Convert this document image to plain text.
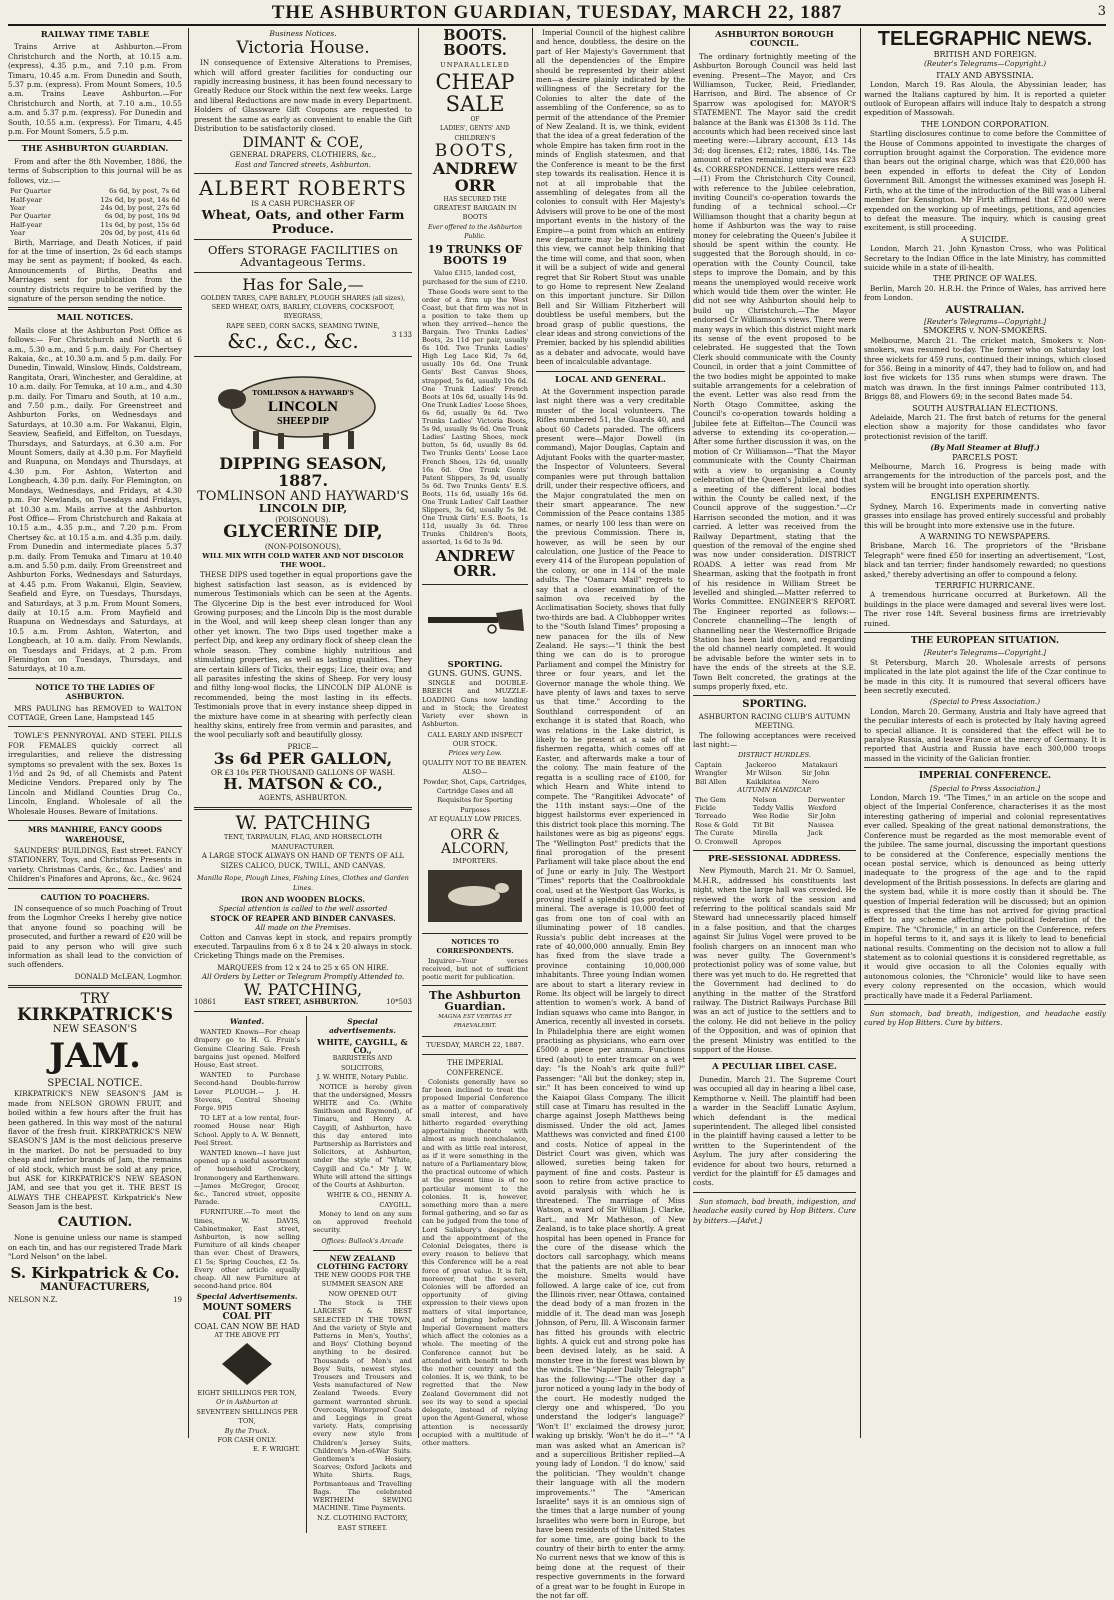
THE ASHBURTON GUARDIAN, TUESDAY, MARCH 22, 1887	3
RAILWAY TIME TABLE

Trains Arrive at Ashburton.—From Christchurch and the North, at 10.15 a.m. (express), 4.35 p.m., and 7.10 p.m. From Timaru, 10.45 a.m. From Dunedin and South, 5.37 p.m. (express). From Mount Somers, 10.5 a.m. Trains Leave Ashburton.—For Christchurch and North, at 7.10 a.m., 10.55 a.m. and 5.37 p.m. (express). For Dunedin and South, 10.55 a.m. (express). For Timaru, 4.45 p.m. For Mount Somers, 5.5 p.m.

THE ASHBURTON GUARDIAN.

From and after the 8th November, 1886, the terms of Subscription to this journal will be as follows, viz.:—

Per Quarter	6s 6d, by post, 7s 6d
Half-year	12s 6d, by post, 14s 6d
Year	24s 0d, by post, 27s 6d
Per Quarter	6s 0d, by post, 10s 9d
Half-year	11s 6d, by post, 15s 6d
Year	20s 0d, by post, 41s 6d

Birth, Marriage, and Death Notices, if paid for at the time of insertion, 2s 6d each stamps may be sent as payment; if booked, 4s each. Announcements of Births, Deaths and Marriages sent for publication from the country districts require to be verified by the signature of the person sending the notice.

MAIL NOTICES.

Mails close at the Ashburton Post Office as follows:— For Christchurch and North at 6 a.m., 5.30 a.m., and 5 p.m. daily. For Chertsey Rakaia, &c., at 10.30 a.m. and 5 p.m. daily. For Dunedin, Tinwald, Winslow, Hinds, Coldstream, Rangitata, Orari, Winchester, and Geraldine, at 10 a.m. daily. For Temuka, at 10 a.m., and 4.30 p.m. daily. For Timaru and South, at 10 a.m., and 7.50 p.m., daily. For Greenstreet and Ashburton Forks, on Wednesdays and Saturdays, at 10.30 a.m. For Wakanui, Elgin, Seaview, Seafield, and Eiffelton, on Tuesdays, Thursdays, and Saturdays, at 6.30 a.m. For Mount Somers, daily at 4.30 p.m. For Mayfield and Ruapuna, on Mondays and Thursdays, at 4.30 p.m. For Ashton, Waterton and Longbeach, 4.30 p.m. daily. For Flemington, on Mondays, Wednesdays, and Fridays, at 4.30 p.m. For Newlands, on Tuesdays and Fridays, at 10.30 a.m. Mails arrive at the Ashburton Post Office— From Christchurch and Rakaia at 10.15 a.m., 4.35 p.m., and 7.20 p.m. From Chertsey &c. at 10.15 a.m. and 4.35 p.m. daily. From Dunedin and intermediate places 5.37 p.m. daily. From Temuka and Timaru at 10.40 a.m. and 5.50 p.m. daily. From Greenstreet and Ashburton Forks, Wednesdays and Saturdays, at 4.45 p.m. From Wakanui, Elgin, Seaview, Seafield and Eyre, on Tuesdays, Thursdays, and Saturdays, at 3 p.m. From Mount Somers, daily at 10.15 a.m. From Mayfield and Ruapuna on Wednesdays and Saturdays, at 10.5 a.m. From Ashton, Waterton, and Longbeach, at 10 a.m. daily. From Newlands, on Tuesdays and Fridays, at 2 p.m. From Flemington on Tuesdays, Thursdays, and Saturdays, at 10 a.m.

NOTICE TO THE LADIES OF ASHBURTON.

MRS PAULING has REMOVED to WALTON COTTAGE, Green Lane, Hampstead 145

TOWLE'S PENNYROYAL AND STEEL PILLS FOR FEMALES quickly correct all irregularities, and relieve the distressing symptoms so prevalent with the sex. Boxes 1s 1½d and 2s 9d, of all Chemists and Patent Medicine Vendors. Prepared only by The Lincoln and Midland Counties Drug Co., Lincoln, England. Wholesale of all the Wholesale Houses. Beware of Imitations.

MRS MANHIRE, FANCY GOODS WAREHOUSE,

SAUNDERS' BUILDINGS, East street. FANCY STATIONERY, Toys, and Christmas Presents in variety. Christmas Cards, &c., &c. Ladies' and Children's Pinafores and Aprons, &c., &c. 9624

CAUTION TO POACHERS.

IN consequence of so much Poaching of Trout from the Logmhor Creeks I hereby give notice that anyone found so poaching will be prosecuted, and further a reward of £20 will be paid to any person who will give such information as shall lead to the conviction of such offenders.

DONALD McLEAN, Logmhor.
TRY
KIRKPATRICK'S
NEW SEASON'S
JAM.
SPECIAL NOTICE.

KIRKPATRICK'S NEW SEASON'S JAM is made from NELSON GROWN FRUIT, and boiled within a few hours after the fruit has been gathered. In this way most of the natural flavor of the fresh fruit. KIRKPATRICK'S NEW SEASON'S JAM is the most delicious preserve in the market. Do not be persuaded to buy cheap and inferior brands of Jam, the remains of old stock, which must be sold at any price, but ASK for KIRKPATRICK'S NEW SEASON JAM, and see that you get it. THE BEST IS ALWAYS THE CHEAPEST. Kirkpatrick's New Season Jam is the best.

CAUTION.

None is genuine unless our name is stamped on each tin, and has our registered Trade Mark "Lord Nelson" on the label.

S. Kirkpatrick & Co.
MANUFACTURERS,
NELSON N.Z.	19
Business Notices.
Victoria House.

IN consequence of Extensive Alterations to Premises, which will afford greater facilities for conducting our rapidly increasing business, it has been found necessary to Greatly Reduce our Stock within the next few weeks. Large and liberal Reductions are now made in every Department. Holders of Glassware Gift Coupons are requested to present the same as early as convenient to enable the Gift Distribution to be satisfactorily closed.

DIMANT & COE,
GENERAL DRAPERS, CLOTHIERS, &c.,
East and Tancred streets, Ashburton.
ALBERT ROBERTS
IS A CASH PURCHASER OF
Wheat, Oats, and other Farm Produce.
Offers STORAGE FACILITIES on Advantageous Terms.
Has for Sale,—
GOLDEN TARES, CAPE BARLEY, PLOUGH SHARES (all sizes),
SEED WHEAT, OATS, BARLEY, CLOVERS, COCKSFOOT, RYEGRASS,
RAPE SEED, CORN SACKS, SEAMING TWINE,
&c., &c., &c.	3 133
TOMLINSON & HAYWARD'S
LINCOLN
SHEEP DIP
DIPPING SEASON, 1887.
TOMLINSON AND HAYWARD'S
LINCOLN DIP,
(POISONOUS).
GLYCERINE DIP,
(NON-POISONOUS),
WILL MIX WITH COLD WATER AND NOT DISCOLOR THE WOOL.

THESE DIPS used together in equal proportions gave the highest satisfaction last season, as is evidenced by numerous Testimonials which can be seen at the Agents. The Glycerine Dip is the best ever introduced for Wool Growing purposes; and the Lincoln Dip is the most durable in the Wool, and will keep sheep clean longer than any other yet known. The two Dips used together make a perfect Dip, and keep any ordinary flock of sheep clean the whole season. They combine highly nutritious and stimulating properties, as well as lasting qualities. They are certain killers of Ticks, their eggs; Lice, their ova; and all parasites infesting the skins of Sheep. For very lousy and filthy long-wool flocks, the LINCOLN DIP ALONE is recommended, being the most lasting in its effects. Testimonials prove that in every instance sheep dipped in the mixture have come in at shearing with perfectly clean healthy skins, entirely free from vermin and parasites, and the wool peculiarly soft and beautifully glossy.

PRICE—
3s 6d PER GALLON,
OR £3 10s PER THOUSAND GALLONS OF WASH.
H. MATSON & CO.,
AGENTS, ASHBURTON.
W. PATCHING
TENT, TARPAULIN, FLAG, AND HORSECLOTH MANUFACTURER.
A LARGE STOCK ALWAYS ON HAND OF TENTS OF ALL SIZES CALICO, DUCK, TWILL, AND CANVAS.
Manilla Rope, Plough Lines, Fishing Lines, Clothes and Garden Lines.
IRON AND WOODEN BLOCKS.
Special attention is called to the well assorted
STOCK OF REAPER AND BINDER CANVASES.
All made on the Premises.

Cotton and Canvas kept in stock, and repairs promptly executed. Tarpaulins from 6 x 8 to 24 x 20 always in stock. Cricketing Things made on the Premises.

MARQUEES from 12 x 24 to 25 x 65 ON HIRE.
All Orders by Letter or Telegram Promptly Attended to.
W. PATCHING,
10861	EAST STREET, ASHBURTON.	10*503
Wanted.

WANTED Known—For cheap drapery go to H. G. Fruin's Genuine Clearing Sale. Fresh bargains just opened. Melford House, East street.

WANTED to Purchase Second-hand Double-furrow Lever PLOUGH.— J. H. Stevens, Central Shoeing Forge. 9Pl5

TO LET at a low rental, four-roomed House near High School. Apply to A. W. Bennett, Peel Street.

WANTED known—I have just opened up a useful assortment of household Crockery, Ironmongery and Earthenware.—James McGregor, Grocer, &c., Tancred street, opposite Parade.

FURNITURE.—To meet the times, W. DAVIS, Cabinetmaker, East street, Ashburton, is now selling Furniture of all kinds cheaper than ever. Chest of Drawers, £1 5s; Spring Couches, £2 5s. Every other article equally cheap. All new Furniture at second-hand price. 804

Special Advertisements.
MOUNT SOMERS COAL PIT
COAL CAN NOW BE HAD
AT THE ABOVE PIT
EIGHT SHILLINGS PER TON,
Or in Ashburton at
SEVENTEEN SHILLINGS PER TON,
By the Truck.
FOR CASH ONLY.
E. F. WRIGHT.
Special advertisements.
WHITE, CAYGILL, & CO.,
BARRISTERS AND SOLICITORS,
J. W. WHITE, Notary Public.

NOTICE is hereby given that the undersigned, Messrs WHITE and Co. (White Smithson and Raymond), of Timaru, and Henry A. Caygill, of Ashburton, have this day entered into Partnership as Barristers and Solicitors, at Ashburton, under the style of "White, Caygill and Co." Mr J. W. White will attend the sittings of the Courts at Ashburton.

WHITE & CO., HENRY A. CAYGILL.

Money to lend on any sum on approved freehold security.

Offices: Bullock's Arcade
NEW ZEALAND CLOTHING FACTORY
THE NEW GOODS FOR THE SUMMER SEASON ARE NOW OPENED OUT

The Stock is THE LARGEST & BEST SELECTED IN THE TOWN, And the variety of Style and Patterns in Men's, Youths', and Boys' Clothing beyond anything to be desired. Thousands of Men's and Boys' Suits, newest styles. Trousers and Trousers and Vests manufactured of New Zealand Tweeds. Every garment warranted shrunk. Overcoats, Waterproof Coats and Leggings in great variety. Hats, comprising every new style from Children's Jersey Suits, Children's Men-of-War Suits. Gentlemen's Hosiery, Scarves; Oxford Jackets and White Shirts. Rugs, Portmanteaus and Travelling Bags. The celebrated WERTHEIM SEWING MACHINE. Time Payments.

N.Z. CLOTHING FACTORY,
EAST STREET.
BOOTS. BOOTS.
UNPARALLELED
CHEAP SALE
OF
LADIES', GENTS' AND CHILDREN'S
BOOTS,
ANDREW ORR
HAS SECURED THE
GREATEST BARGAIN IN BOOTS
Ever offered to the Ashburton Public.
19 TRUNKS OF BOOTS 19
Value £315, landed cost, purchased for the sum of £210.

These Goods were sent to the order of a firm up the West Coast, but that firm was not in a position to take them up when they arrived—hence the Bargain. Two Trunks Ladies' Boots, 2s 11d per pair, usually 6s 10d. Two Trunks Ladies' High Leg Lace Kid, 7s 6d, usually 10s 6d. One Trunk Gents' Best Canvas Shoes, strapped, 5s 6d, usually 10s 6d. One Trunk Ladies' French Boots at 10s 6d, usually 14s 9d. One Trunk Ladies' Loose Shoes, 6s 6d, usually 9s 6d. Two Trunks Ladies' Victoria Boots, 5s 9d, usually 9s 6d. One Trunk Ladies' Lasting Shoes, mock button, 5s 6d, usually 8s 6d. Two Trunks Gents' Loose Lace French Shoes, 12s 6d, usually 16s 6d. One Trunk Gents' Patent Slippers, 3s 9d, usually 5s 6d. Two Trunks Gents' E.S. Boots, 11s 6d, usually 16s 6d. One Trunk Ladies' Calf Leather Slippers, 3s 6d, usually 5s 9d. One Trunk Girls' E.S. Boots, 1s 11d, usually 3s 6d. Three Trunks Children's Boots, assorted, 1s 6d to 3s 9d.

ANDREW ORR.
SPORTING.
GUNS. GUNS. GUNS.

SINGLE and DOUBLE-BREECH and MUZZLE-LOADING Guns now landing and in Stock; the Greatest Variety ever shown in Ashburton.

CALL EARLY AND INSPECT OUR STOCK.
Prices very Low.
QUALITY NOT TO BE BEATEN.
ALSO—
Powder, Shot, Caps, Cartridges, Cartridge Cases and all Requisites for Sporting Purposes
AT EQUALLY LOW PRICES.
ORR & ALCORN,
IMPORTERS.
NOTICES TO CORRESPONDENTS.

Inquirer—Your verses received, but not of sufficient poetic merit for publication.

The Ashburton Guardian.
MAGNA EST VERITAS ET PRAEVALEBIT.
TUESDAY, MARCH 22, 1887.
THE IMPERIAL CONFERENCE.

Colonists generally have so far been inclined to treat the proposed Imperial Conference as a matter of comparatively small interest, and have hitherto regarded everything appertaining thereto with almost as much nonchalance, and with as little real interest, as if it were something in the nature of a Parliamentary blow, the practical outcome of which at the present time is of no particular moment to the colonies. It is, however, something more than a mere formal gathering, and so far as can be judged from the tone of Lord Salisbury's despatches, and the appointment of the Colonial Delegates, there is every reason to believe that this Conference will be a real force of great value. It is felt, moreover, that the several Colonies will be afforded an opportunity of giving expression to their views upon matters of vital importance, and of bringing before the Imperial Government matters which affect the colonies as a whole. The meeting of the Conference cannot but be attended with benefit to both the mother country and the colonies. It is, we think, to be regretted that the New Zealand Government did not see its way to send a special delegate, instead of relying upon the Agent-General, whose attention is necessarily occupied with a multitude of other matters.

Imperial Council of the highest calibre and hence, doubtless, the desire on the part of Her Majesty's Government that all the dependencies of the Empire should be represented by their ablest men—a desire plainly indicated by the willingness of the Secretary for the Colonies to alter the date of the assembling of the Conference, so as to permit of the attendance of the Premier of New Zealand. It is, we think, evident that the idea of a great federation of the whole Empire has taken firm root in the minds of English statesmen, and that the Conference is meant to be the first step towards its realisation. Hence it is not at all improbable that the assembling of delegates from all the colonies to consult with Her Majesty's Advisers will prove to be one of the most important events in the history of the Empire—a point from which an entirely new departure may be taken. Holding this view, we cannot help thinking that the time will come, and that soon, when it will be a subject of wide and general regret that Sir Robert Stout was unable to go Home to represent New Zealand on this important juncture. Sir Dillon Bell and Sir William Fitzherbert will doubtless be useful members, but the broad grasp of public questions, the clear ideas and strong convictions of the Premier, backed by his splendid abilities as a debater and advocate, would have been of incalculable advantage.

LOCAL AND GENERAL.

At the Government inspection parade last night there was a very creditable muster of the local volunteers. The Rifles numbered 51, the Guards 40, and about 60 Cadets paraded. The officers present were—Major Dowell (in command), Major Douglas, Captain and Adjutant Fooks with the quarter-master, the Inspector of Volunteers. Several companies were put through battalion drill, under their respective officers, and the Major congratulated the men on their smart appearance. The new Commission of the Peace contains 1385 names, or nearly 100 less than were on the previous Commission. There is, however, as will be seen by our calculation, one Justice of the Peace to every 414 of the European population of the colony, or one in 114 of the male adults. The "Oamaru Mail" regrets to say that a closer examination of the salmon ova received by the Acclimatisation Society, shows that fully two-thirds are bad. A Clubhopper writes to the "South Island Times" proposing a new panacea for the ills of New Zealand. He says:—"I think the best thing we can do is to prorogue Parliament and compel the Ministry for three or four years, and let the Governor manage the whole thing. We have plenty of laws and taxes to serve us that time." According to the Southland correspondent of an exchange it is stated that Roach, who was relations in the Lake district, is likely to be present at a sale of the fishermen regatta, which comes off at Easter, and afterwards make a tour of the colony. The main feature of the regatta is a sculling race of £100, for which Hearn and White intend to compete. The "Rangitikei Advocate" of the 11th instant says:—One of the biggest hailstorms ever experienced in this district took place this morning. The hailstones were as big as pigeons' eggs. The "Wellington Post" predicts that the final prorogation of the present Parliament will take place about the end of June or early in July. The Westport "Times" reports that the Coalbrookdale coal, used at the Westport Gas Works, is proving itself a splendid gas producing mineral. The average is 10,000 feet of gas from one ton of coal with an illuminating power of 18 candles. Russia's public debt increases at the rate of 40,000,000 annually. Emin Bey has fixed from the slave trade a province containing 10,000,000 inhabitants. Three young Indian women are about to start a literary review in Rome. Its object will be largely to direct attention to women's work. A band of Indian squaws who came into Bangor, in America, recently all invested in corsets. In Philadelphia there are eight women practising as physicians, who earn over £5000 a piece per annum. Functions tired (about) to enter tramcar on a wet day: "Is the Noah's ark quite full?" Passenger: "All but the donkey; step in, sir." It has been conceived to wind up the Kaiapoi Glass Company. The illicit still case at Timaru has resulted in the charge against Joseph Matthews being dismissed. Under the old act, James Matthews was convicted and fined £100 and costs. Notice of appeal in the District Court was given, which was allowed, sureties being taken for payment of fine and costs. Pasteur is soon to retire from active practice to avoid paralysis with which he is threatened. The marriage of Miss Watson, a ward of Sir William J. Clarke, Bart., and Mr Matheson, of New Zealand, is to take place shortly. A great hospital has been opened in France for the cure of the disease which the doctors call sarcophagy, which means that the patients are not able to bear the moisture. Smelts would have followed. A large cake of ice, cut from the Illinois river, near Ottawa, contained the dead body of a man frozen in the middle of it. The dead man was Joseph Johnson, of Peru, Ill. A Wisconsin farmer has fitted his grounds with electric lights. A quick cut and strong poke has been devised lately, as he said. A monster tree in the forest was blown by the winds. The "Napier Daily Telegraph" has the following:—"The other day a juror noticed a young lady in the body of the court. He modestly nudged the clergy one and whispered, 'Do you understand the lodger's language?' 'Won't I!' exclaimed the drowsy juror, waking up briskly. 'Won't he do it—'" "A man was asked what an American is? and a supercilious Britisher replied—A young lady of London. 'I do know,' said the politician. 'They wouldn't change their language with all the modern improvements.'" The "American Israelite" says it is an omnious sign of the times that a large number of young Israelites who were born in Europe, but have been residents of the United States for some time, are going back to the country of their birth to enter the army. No current news that we know of this is being done at the request of their respective governments in the forward of a great war to be fought in Europe in the not far off.

ASHBURTON BOROUGH COUNCIL.

The ordinary fortnightly meeting of the Ashburton Borough Council was held last evening. Present—The Mayor, and Crs Williamson, Tucker, Reid, Friedlander, Harrison, and Bird. The absence of Cr Sparrow was apologised for. MAYOR'S STATEMENT. The Mayor said the credit balance at the Bank was £1308 3s 11d. The accounts which had been received since last meeting were:—Library account, £13 14s 3d; dog licenses, £12; rates, 1886, 14s. The amount of rates remaining unpaid was £23 4s. CORRESPONDENCE. Letters were read:—(1) From the Christchurch City Council, with reference to the Jubilee celebration, inviting Council's co-operation towards the funding of a technical school.—Cr Williamson thought that a charity begun at home if Ashburton was the way to raise money for celebrating the Queen's Jubilee it should be spent within the county. He suggested that the Borough should, in co-operation with the County Council, take steps to improve the Domain, and by this means the unemployed would receive work which would tide them over the winter. He did not see why Ashburton should help to build up Christchurch.—The Mayor endorsed Cr Williamson's views. There were many ways in which this district might mark its sense of the event proposed to be celebrated. He suggested that the Town Clerk should communicate with the County Council, in order that a joint Committee of the two bodies might be appointed to make suitable arrangements for a celebration of the event. Letter was also read from the North Otago Committee, asking the Council's co-operation towards holding a Jubilee fete at Eiffelton—The Council was adverse to extending its co-operation.—After some further discussion it was, on the motion of Cr Williamson—"That the Mayor communicate with the County Chairman with a view to organising a County celebration of the Queen's Jubilee, and that a meeting of the different local bodies within the County be called next, if the Council approve of the suggestion."—Cr Harrison seconded the motion, and it was carried. A letter was received from the Railway Department, stating that the question of the removal of the engine shed was now under consideration. DISTRICT ROADS. A letter was read from Mr Shearman, asking that the footpath in front of his residence in William Street be levelled and shingled.—Matter referred to Works Committee. ENGINEER'S REPORT. The Engineer reported as follows:—Concrete channelling—The length of channelling near the Westernoffice Brigade Station has been laid down, and regarding the old channel nearly completed. It would be advisable before the winter sets in to have the ends of the streets at the S.E. Town Belt concreted, the gratings at the sumps properly fixed, etc.

SPORTING.
ASHBURTON RACING CLUB'S AUTUMN MEETING.

The following acceptances were received last night:—

DISTRICT HURDLES.
Captain	Jackeroo	Matakauri
Wrangler	Mr Wilson	Sir John
Bill Allen	Kaikikitea	Nero
AUTUMN HANDICAP.
The Gem	Nelson	Derwenter
Fickle	Teddy Vallis	Wexford
Torreado	Wee Rodie	Sir John
Rose & Gold	Tit Bit	Nausea
The Curate	Mirella	Jack
O. Cromwell	Apropos	
PRE-SESSIONAL ADDRESS.

New Plymouth, March 21. Mr O. Samuel, M.H.R., addressed his constituents last night, when the large hall was crowded. He reviewed the work of the session and referring to the political scandals said Mr Steward had unnecessarily placed himself in a false position, and that the charges against Sir Julius Vogel were proved to be foolish chargers on an innocent man who was never guilty. The Government's protectionist policy was of some value, but there was yet much to do. He regretted that the Government had declined to do anything in the matter of the Stratford railway. The District Railways Purchase Bill was an act of justice to the settlers and to the colony. He did not believe in the policy of the Opposition, and was of opinion that the present Ministry was entitled to the support of the House.

A PECULIAR LIBEL CASE.

Dunedin, March 21. The Supreme Court was occupied all day in hearing a libel case, Kempthorne v. Neill. The plaintiff had been a warder in the Seacliff Lunatic Asylum, which defendant is the medical superintendent. The alleged libel consisted in the plaintiff having caused a letter to be written to the Superintendent of the Asylum. The jury after considering the evidence for about two hours, returned a verdict for the plaintiff for £5 damages and costs.

Sun stomach, bad breath, indigestion, and headache easily cured by Hop Bitters. Cure by bitters.—[Advt.]

TELEGRAPHIC NEWS.
BRITISH AND FOREIGN.
(Reuter's Telegrams—Copyright.)
ITALY AND ABYSSINIA.

London, March 19. Ras Aloula, the Abyssinian leader, has warned the Italians captured by him. It is reported a quieter outlook of European affairs will induce Italy to despatch a strong expedition of Massowah.

THE LONDON CORPORATION.

Startling disclosures continue to come before the Committee of the House of Commons appointed to investigate the charges of corruption brought against the Corporation. The evidence more than bears out the original charge, which was that £20,000 has been expended in efforts to defeat the City of London Government Bill. Amongst the witnesses examined was Joseph H. Firth, who at the time of the introduction of the Bill was a Liberal member for Kensington. Mr Firth affirmed that £72,000 were expended on the working up of meetings, petitions, and agencies to defeat the measure. The inquiry, which is causing great excitement, is still proceeding.

A SUICIDE.

London, March 21. John Kynaston Cross, who was Political Secretary to the Indian Office in the late Ministry, has committed suicide while in a state of ill-health.

THE PRINCE OF WALES.

Berlin, March 20. H.R.H. the Prince of Wales, has arrived here from London.

AUSTRALIAN.
[Reuter's Telegrams—Copyright.]
SMOKERS v. NON-SMOKERS.

Melbourne, March 21. The cricket match, Smokers v. Non-smokers, was resumed to-day. The former who on Saturday lost three wickets for 459 runs, continued their innings, which closed for 356. Being in a minority of 447, they had to follow on, and had lost five wickets for 135 runs when stumps were drawn. The match was drawn. In the first innings Palmer contributed 113, Briggs 88, and Flowers 69; in the second Bates made 54.

SOUTH AUSTRALIAN ELECTIONS.

Adelaide, March 21. The first batch of returns for the general election show a majority for those candidates who favor protectionist revision of the tariff.

(By Mail Steamer at Bluff.)
PARCELS POST.

Melbourne, March 16. Progress is being made with arrangements for the introduction of the parcels post, and the system will be brought into operation shortly.

ENGLISH EXPERIMENTS.

Sydney, March 16. Experiments made in converting native grasses into ensilage has proved entirely successful and probably this will be brought into more extensive use in the future.

A WARNING TO NEWSPAPERS.

Brisbane, March 16. The proprietors of the "Brisbane Telegraph" were fined £50 for inserting an advertisement, "Lost, black and tan terrier; finder handsomely rewarded; no questions asked," thereby advertising an offer to compound a felony.

TERRIFIC HURRICANE.

A tremendous hurricane occurred at Burketown. All the buildings in the place were damaged and several lives were lost. The river rose 14ft. Several business firms are irretrievably ruined.

THE EUROPEAN SITUATION.
[Reuter's Telegrams—Copyright.]

St Petersburg, March 20. Wholesale arrests of persons implicated in the late plot against the life of the Czar continue to be made in this city. It is rumoured that several officers have been secretly executed.

(Special to Press Association.)

London, March 20. Germany, Austria and Italy have agreed that the peculiar interests of each is protected by Italy having agreed to special alliance. It is considered that the effect will be to paralyse Russia, and leave France at the mercy of Germany. It is reported that Austria and Russia have each 300,000 troops massed in the vicinity of the Galician frontier.

IMPERIAL CONFERENCE.
[Special to Press Association.]

London, March 19. "The Times," in an article on the scope and object of the Imperial Conference, characterises it as the most interesting gathering of imperial and colonial representatives ever called. Speaking of the great national demonstrations, the Conference must be regarded as the most memorable event of the jubilee. The same journal, discussing the important questions to be considered at the Conference, especially mentions the ocean postal service, which is denounced as being utterly inadequate to the progress of the age and to the rapid development of the British possessions. In defects are glaring and the system bad, while it is more costly than it should be. The question of Imperial federation will be discussed; but an opinion is expressed that the time has not arrived for giving practical effect to any scheme affecting the political federation of the Empire. The "Chronicle," in an article on the Conference, refers in hopeful terms to it, and says it is likely to lead to beneficial national results. Commenting on the decision not to allow a full statement as to colonial questions it is considered regrettable, as it would give occasion to all the Colonies equally with autonomous colonies, the "Chronicle" would like to have seen every colony represented on the occasion, which would practically have made it a Federal Parliament.

Sun stomach, bad breath, indigestion, and headache easily cured by Hop Bitters. Cure by bitters.
